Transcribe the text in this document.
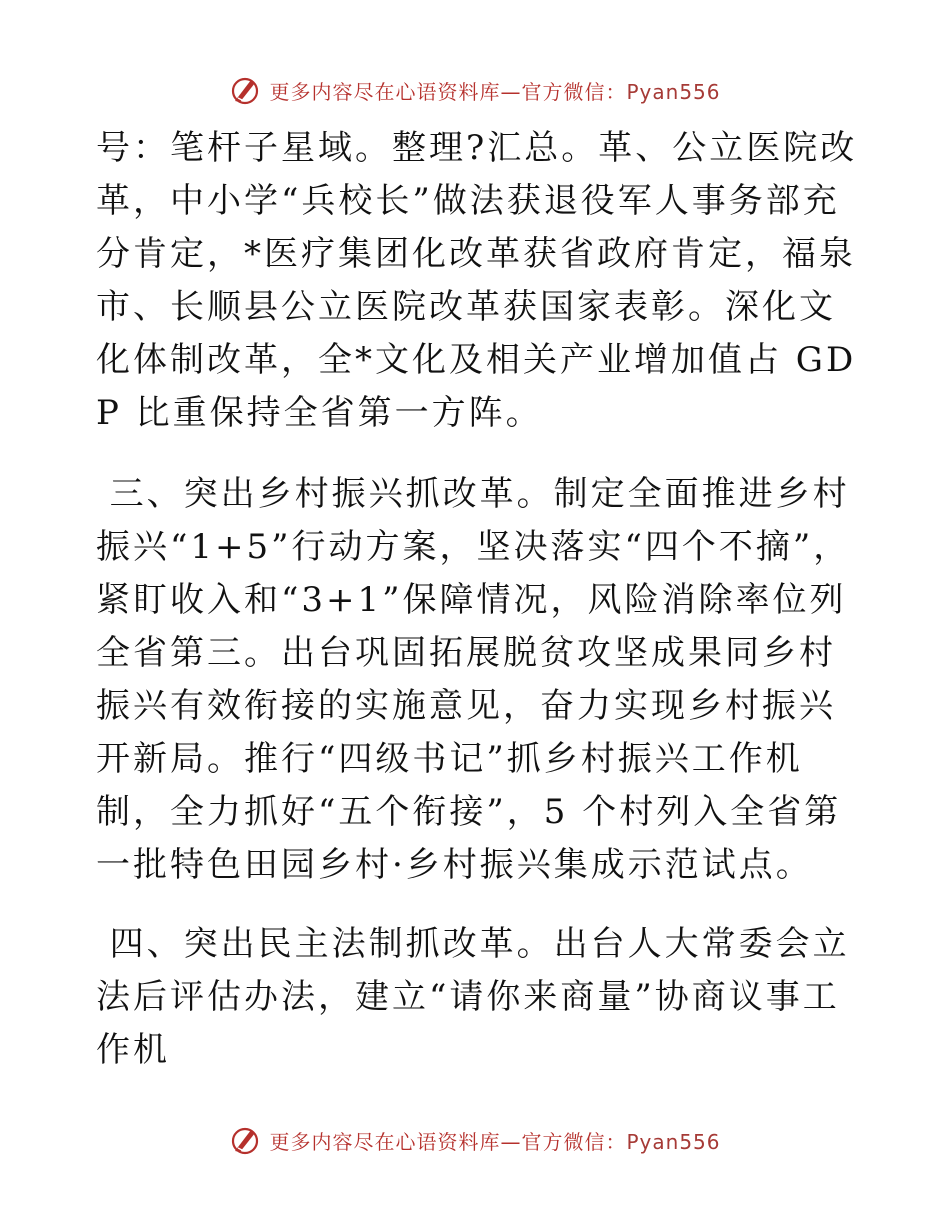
更多内容尽在心语资料库—官方微信：Pyan556

号：笔杆子星域。整理?汇总。革、公立医院改革，中小学“兵校长”做法获退役军人事务部充分肯定，*医疗集团化改革获省政府肯定，福泉市、长顺县公立医院改革获国家表彰。深化文化体制改革，全*文化及相关产业增加值占 GDP 比重保持全省第一方阵。

三、突出乡村振兴抓改革。制定全面推进乡村振兴“1+5”行动方案，坚决落实“四个不摘”，紧盯收入和“3+1”保障情况，风险消除率位列全省第三。出台巩固拓展脱贫攻坚成果同乡村振兴有效衔接的实施意见，奋力实现乡村振兴开新局。推行“四级书记”抓乡村振兴工作机制，全力抓好“五个衔接”，5 个村列入全省第一批特色田园乡村·乡村振兴集成示范试点。

四、突出民主法制抓改革。出台人大常委会立法后评估办法，建立“请你来商量”协商议事工作机

更多内容尽在心语资料库—官方微信：Pyan556
